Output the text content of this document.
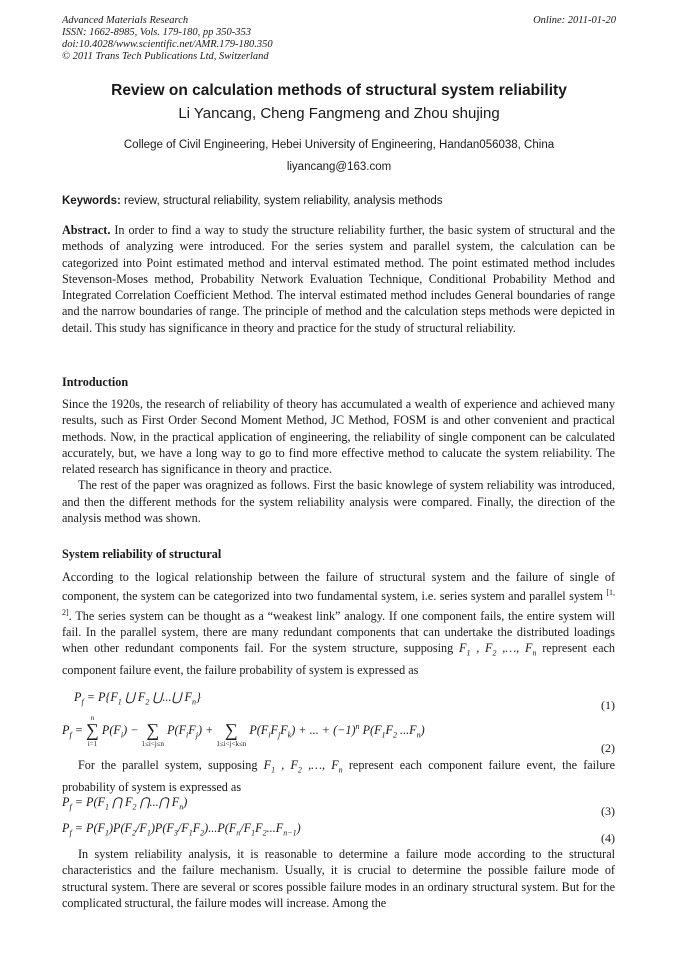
Advanced Materials Research
ISSN: 1662-8985, Vols. 179-180, pp 350-353
doi:10.4028/www.scientific.net/AMR.179-180.350
© 2011 Trans Tech Publications Ltd, Switzerland
Online: 2011-01-20
Review on calculation methods of structural system reliability
Li Yancang, Cheng Fangmeng and Zhou shujing
College of Civil Engineering, Hebei University of Engineering, Handan056038, China
liyancang@163.com
Keywords: review, structural reliability, system reliability, analysis methods

Abstract. In order to find a way to study the structure reliability further, the basic system of structural and the methods of analyzing were introduced. For the series system and parallel system, the calculation can be categorized into Point estimated method and interval estimated method. The point estimated method includes Stevenson-Moses method, Probability Network Evaluation Technique, Conditional Probability Method and Integrated Correlation Coefficient Method. The interval estimated method includes General boundaries of range and the narrow boundaries of range. The principle of method and the calculation steps methods were depicted in detail. This study has significance in theory and practice for the study of structural reliability.

Introduction

Since the 1920s, the research of reliability of theory has accumulated a wealth of experience and achieved many results, such as First Order Second Moment Method, JC Method, FOSM is and other convenient and practical methods. Now, in the practical application of engineering, the reliability of single component can be calculated accurately, but, we have a long way to go to find more effective method to calucate the system reliability. The related research has significance in theory and practice.

The rest of the paper was oragnized as follows. First the basic knowlege of system reliability was introduced, and then the different methods for the system reliability analysis were compared. Finally, the direction of the analysis method was shown.

System reliability of structural

According to the logical relationship between the failure of structural system and the failure of single of component, the system can be categorized into two fundamental system, i.e. series system and parallel system [1, 2]. The series system can be thought as a “weakest link” analogy. If one component fails, the entire system will fail. In the parallel system, there are many redundant components that can undertake the distributed loadings when other redundant components fail. For the system structure, supposing $F_1$ , $F_2$ ,…, $F_n$ represent each component failure event, the failure probability of system is expressed as

$P_f = P\{F_1$ ⋃ $F_2$ ⋃...⋃ $F_n$}
(1)
$P_f$ =
n
∑
i=1
$P(F_i)$ −

∑
1≤i<j≤n
$P(F_iF_j)$ +

∑
1≤i<j<k≤n
$P(F_iF_jF_k)$ + ... + $(-1)^n$ $P(F_1F_2$ $...F_n$)
(2)

For the parallel system, supposing $F_1$ , $F_2$ ,…, $F_n$ represent each component failure event, the failure probability of system is expressed as

$P_f = P(F_1$ ⋂ $F_2$ ⋂...⋂ $F_n$)
(3)
$P_f = P(F_1)P(F_2/F_1)P(F_3/F_1F_2)...P(F_n/F_1F_2...F_{n-1})$
(4)

In system reliability analysis, it is reasonable to determine a failure mode according to the structural characteristics and the failure mechanism. Usually, it is crucial to determine the possible failure mode of structural system. There are several or scores possible failure modes in an ordinary structural system. But for the complicated structural, the failure modes will increase. Among the
